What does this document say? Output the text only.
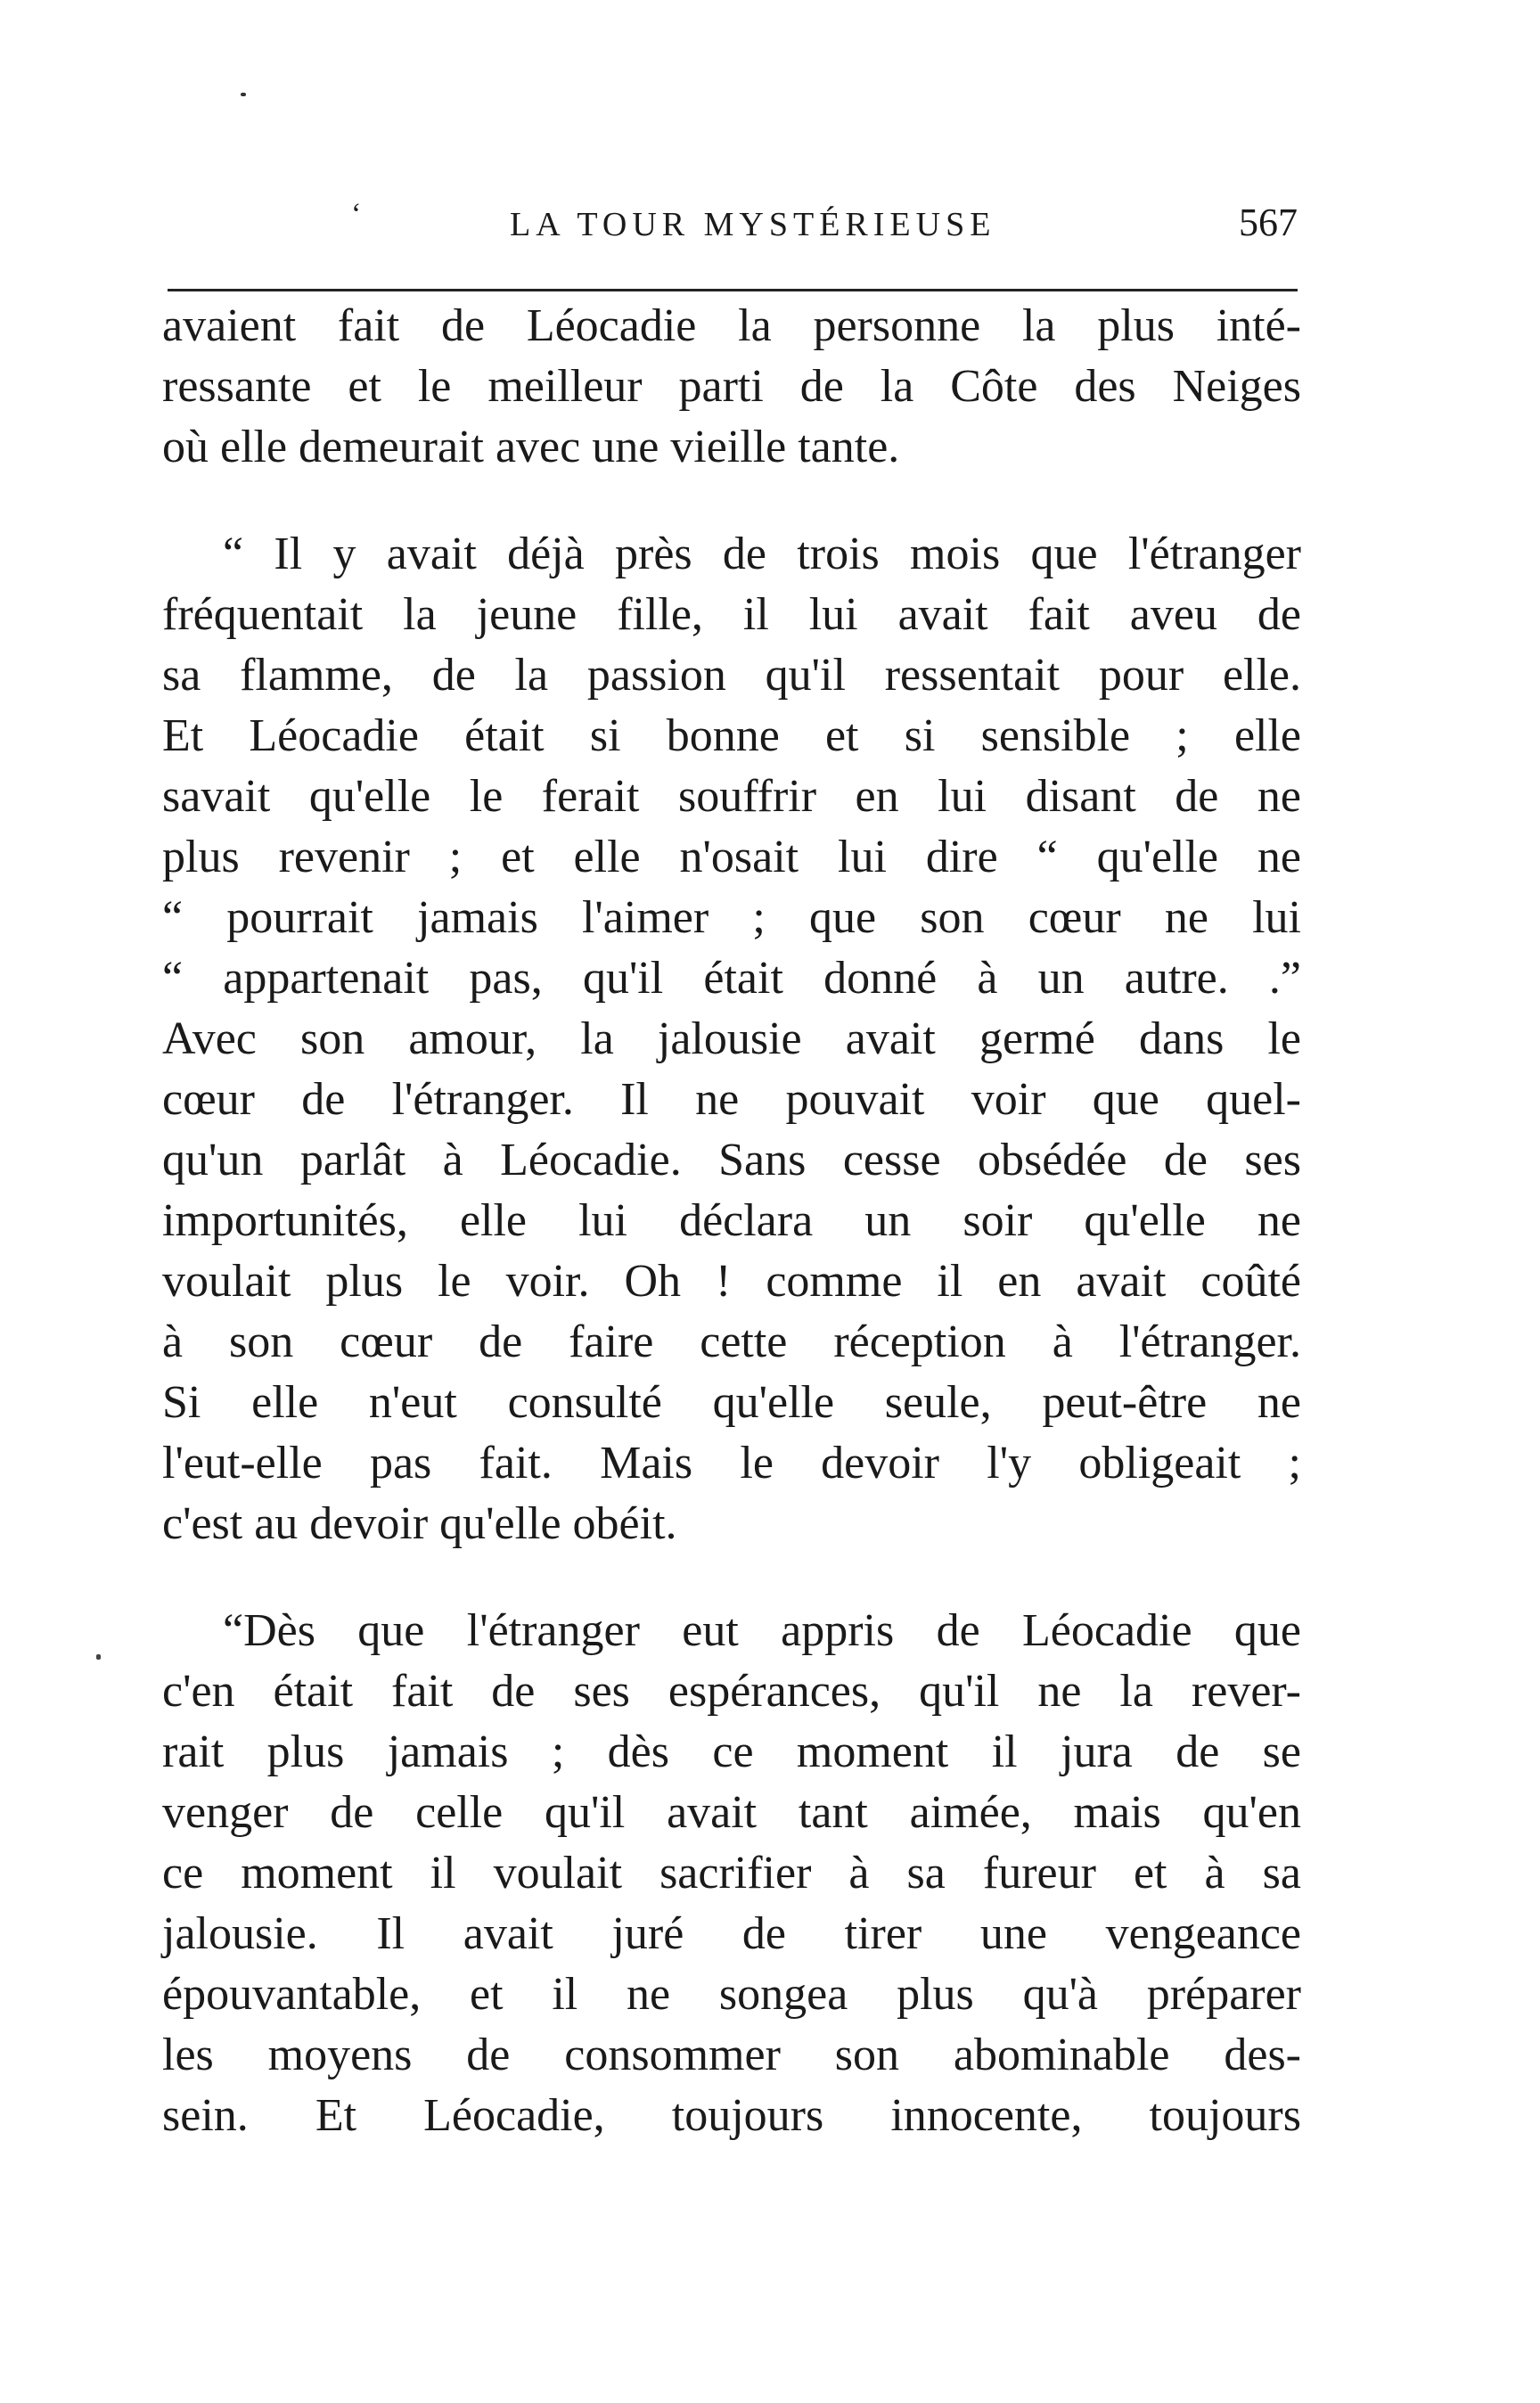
‘	LA TOUR MYSTÉRIEUSE	567
avaient fait de Léocadie la personne la plus inté-
ressante et le meilleur parti de la Côte des Neiges
où elle demeurait avec une vieille tante.
“ Il y avait déjà près de trois mois que l'étranger
fréquentait la jeune fille, il lui avait fait aveu de
sa flamme, de la passion qu'il ressentait pour elle.
Et Léocadie était si bonne et si sensible ; elle
savait qu'elle le ferait souffrir en lui disant de ne
plus revenir ; et elle n'osait lui dire “ qu'elle ne
“ pourrait jamais l'aimer ; que son cœur ne lui
“ appartenait pas, qu'il était donné à un autre. .”
Avec son amour, la jalousie avait germé dans le
cœur de l'étranger. Il ne pouvait voir que quel-
qu'un parlât à Léocadie. Sans cesse obsédée de ses
importunités, elle lui déclara un soir qu'elle ne
voulait plus le voir. Oh ! comme il en avait coûté
à son cœur de faire cette réception à l'étranger.
Si elle n'eut consulté qu'elle seule, peut-être ne
l'eut-elle pas fait. Mais le devoir l'y obligeait ;
c'est au devoir qu'elle obéit.
“Dès que l'étranger eut appris de Léocadie que
c'en était fait de ses espérances, qu'il ne la rever-
rait plus jamais ; dès ce moment il jura de se
venger de celle qu'il avait tant aimée, mais qu'en
ce moment il voulait sacrifier à sa fureur et à sa
jalousie. Il avait juré de tirer une vengeance
épouvantable, et il ne songea plus qu'à préparer
les moyens de consommer son abominable des-
sein. Et Léocadie, toujours innocente, toujours
